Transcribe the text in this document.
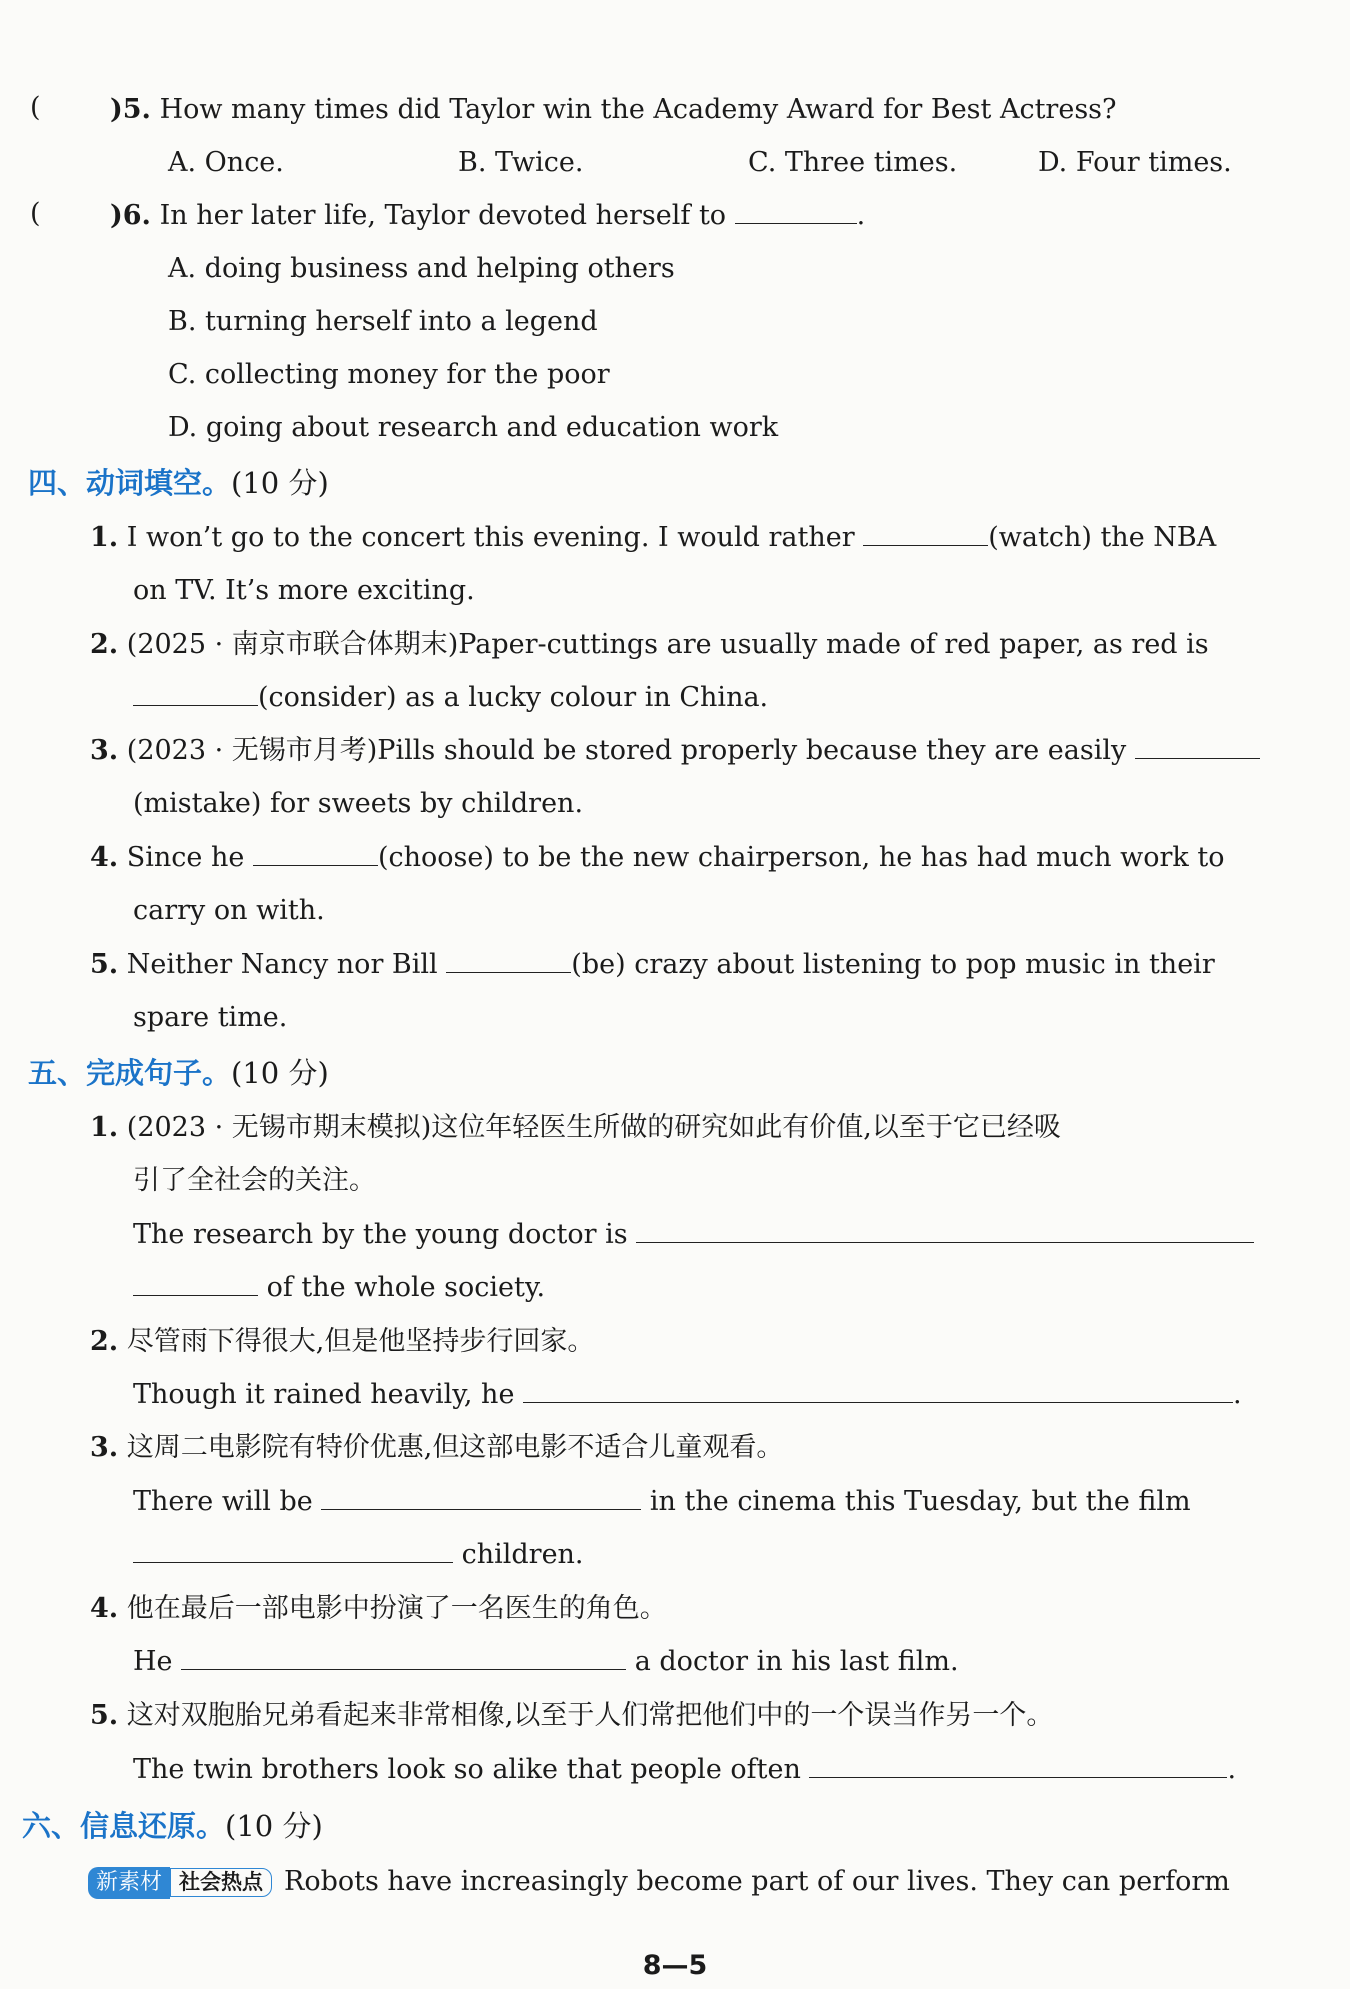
(	)5. How many times did Taylor win the Academy Award for Best Actress?
A. Once.	B. Twice.	C. Three times.	D. Four times.
(	)6. In her later life, Taylor devoted herself to	.
A. doing business and helping others
B. turning herself into a legend
C. collecting money for the poor
D. going about research and education work
四、动词填空。(10 分)
1. I won’t go to the concert this evening. I would rather	(watch) the NBA
on TV. It’s more exciting.
2. (2025 · 南京市联合体期末)Paper-cuttings are usually made of red paper, as red is
(consider) as a lucky colour in China.
3. (2023 · 无锡市月考)Pills should be stored properly because they are easily
(mistake) for sweets by children.
4. Since he	(choose) to be the new chairperson, he has had much work to
carry on with.
5. Neither Nancy nor Bill	(be) crazy about listening to pop music in their
spare time.
五、完成句子。(10 分)
1. (2023 · 无锡市期末模拟)这位年轻医生所做的研究如此有价值,以至于它已经吸
引了全社会的关注。
The research by the young doctor is
of the whole society.
2. 尽管雨下得很大,但是他坚持步行回家。
Though it rained heavily, he	.
3. 这周二电影院有特价优惠,但这部电影不适合儿童观看。
There will be	in the cinema this Tuesday, but the film
children.
4. 他在最后一部电影中扮演了一名医生的角色。
He	a doctor in his last film.
5. 这对双胞胎兄弟看起来非常相像,以至于人们常把他们中的一个误当作另一个。
The twin brothers look so alike that people often	.
六、信息还原。(10 分)
新素材 社会热点 Robots have increasingly become part of our lives. They can perform
8—5
